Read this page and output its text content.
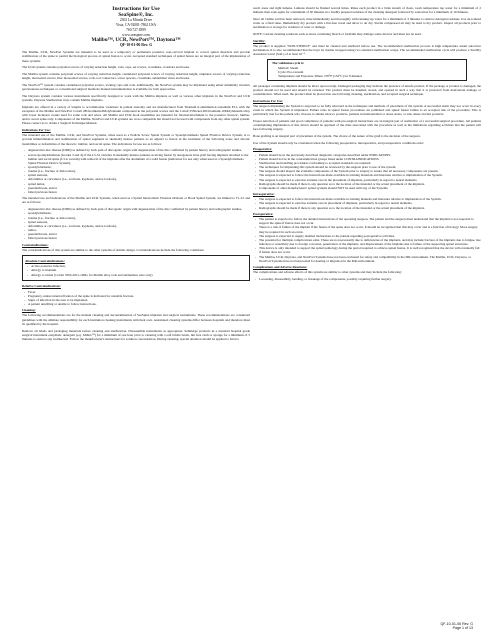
Instructions for Use
SeaSpine®, Inc.
2302 La Mirada Drive
Vista, CA 92081-7862 USA
760.727.8399
www.seaspine.com
Malibu™, UCR, NewPort™, Daytona™
QF-10-01-06 Rev. G

The Malibu, UCR, NewPort Systems are intended to be used as a temporary or permanent posterior, non-cervical implant to correct spinal disorders and provide stabilization of the spine to permit the biological process of spinal fusion to occur. Accepted standard techniques of spinal fusion are an integral part of the implantation of these systems.

The UCR system contains polyaxial screws of varying reduction height, rods, caps, set screws, crosslinks, crossbars and hooks.

The Malibu system contains polyaxial screws of varying reduction height, cannulated polyaxial screws of varying reduction height, uniplanar screws of varying reduction height, monoaxial screws, iliac monoaxial screws, rods, rod connectors, screw spacers, crosslinks, sublaminar wires and hooks.

The NewPort™ system contains cannulated polyaxial screws, locking caps and rods. Additionally, the NewPort system may be implanted using either minimally invasive percutaneous techniques or conventional surgical methods; manual instrumentation is available for both approaches.

The Daytona system contains various instruments specifically designed to work with the Malibu implants as well as various other implants in the NewPort and UCR systems. Daytona Sterilization trays contain Malibu implants.

Implants are offered in a variety of lengths to accommodate variations in patient anatomy and are manufactured from Titanium 6-aluminum-4-vanadium ELI, with the exception of the Malibu and NewPort Cobalt 28Chromium-6Molybdenum component in the polyaxial screws and the Cobalt 35Nickel-20Chromium-10Molybdenum alloy with lower inclusion counts used for some rods and wires. All Malibu and UCR hook assemblies are intended for fixation/attachment to the posterior thoracic, lumbar, and/or sacral spine only. Components of the Malibu, NewPort and UCR systems are cross compatible but should not be used with components from any other spinal system. Please contact us to obtain a Surgical Technique Manual.

Indications For Use:

The intended use of the Malibu, UCR, and NewPort Systems, when used as a Pedicle Screw Spinal System or Spondylolisthesis Spinal Fixation Device System, is to provide immobilization and stabilization of spinal segments in skeletally mature patients as an adjunct to fusion in the treatment of the following acute and chronic instabilities or deformities of the thoracic, lumbar, and sacral spine. The indications for use are as follows:

- degenerative disc disease (DDD) as defined by back pain of discogenic origin with degeneration of the disc confirmed by patient history and radiographic studies,
- severe spondylolisthesis (Grades 3 and 4) of the L5-S1 vertebra in skeletally mature patients receiving fusion by autogenous bone graft having implants attached to the lumbar and sacral spine (L3 to sacrum) with removal of the implants after the attainment of a solid fusion (indication for use only when used as a Spondylolisthesis Spinal Fixation Device System),
- spondylolisthesis,
- trauma (i.e., fracture or dislocation),
- spinal stenosis,
- deformities or curvatures (i.e., scoliosis, kyphosis, and/or lordosis),
- spinal tumor,
- pseudarthrosis, and/or
- failed previous fusion

The intended use and indications of the Malibu and UCR Systems, when used as a Spinal Intersomatic Fixation Orthosis or Hook Spinal System, are limited to T1-L5 and are as follows:

- degenerative disc disease (DDD) as defined by back pain of discogenic origin with degeneration of the disc confirmed by patient history and radiographic studies,
- spondylolisthesis,
- trauma (i.e., fracture or dislocation),
- spinal stenosis,
- deformities or curvatures (i.e., scoliosis, kyphosis, and/or lordosis),
- tumor,
- pseudarthrosis, and/or
- failed previous fusion
Contraindications:

The contraindications of this system are similar to the other systems of similar design. Contraindications include the following conditions:

Absolute Contraindications:
- Active posterior infection,
- Allergy to titanium
- Allergy to nickel (Cobalt 35Ni-20Cr-10Mo for Malibu alloy rods and sublaminar wire only)
Relative Contraindications:
- Fever
- Pregnancy, unless internal fixation of the spine is indicated for unstable fracture.
- Signs of infection in the area to be implanted.
- A patient unwilling or unable to follow instructions.
Cleaning:

The following recommendations are for the manual cleaning and decontamination of SeaSpine implants and surgical instruments. These recommendations are considered guidelines with the ultimate responsibility for each institution cleaning instruments with their own. Automated cleaning systems differ between hospitals and therefore must be qualified by the hospital.

Remove all labels and packaging materials before cleaning and sterilization. Disassemble instruments as appropriate. Submerge products in a standard hospital grade surgical instrument enzymatic detergent (e.g. Miltex™) for a minimum of one hour prior to cleaning with a soft bristle brush, lint free cloth or sponge for a minimum of 5 minutes to remove any residue/soil. Follow the manufacturer's instructions for solution concentration. During cleaning, special attention should be applied to hard to

reach areas and tight lumens. Lumens should be flushed several times. Rinse each product in a brisk stream of clean, room temperature tap water for a minimum of 2 minutes then soak again for a minimum of 30 minutes in a freshly prepared solution of the cleaning detergent followed by sonication for a minimum of 10 minutes.

Once all visible soil has been removed, rinse immediately and thoroughly with running tap water for a minimum of 3 minutes to remove detergent residues. Use de-ionized water as a final rinse. Immediately dry product with a lint-free towel and allow to air dry. Sterile compressed air may be used to dry product. Inspect all products prior to sterilization or storage for evidence of wear or damage.

NOTE: Certain cleaning solutions such as those containing bleach or formalin may damage some devices and must not be used.

Sterility:

The product is supplied "NON-STERILE" and must be cleaned and sterilized before use. The recommended sterilization process is high temperature steam autoclave sterilization. It is also recommended that the trays be double wrapped using two standard sterilization wraps. The recommended sterilization cycle will produce a Sterility Assurance Level (SAL) of at least 10⁻⁶.

The validation cycle is:
Method: Steam
Cycle: Pre-vacuum
Temperature and Exposure Times: 270°F (132°C) for 8 minutes

All packages containing implants should be intact upon receipt. Damaged packaging may indicate the presence of unsafe product. If the package or product is damaged, the product should not be used and should be returned. The product must be handled, stored, and opened in such a way that it is protected from inadvertent damage or contamination. When used, the product must be placed into use following cleaning, sterilization, and accepted surgical technique.

Instructions For Use:

The surgeon implanting the System is expected to be fully educated in the techniques and methods of placement of the system. A successful result may not occur in every event in which the System is implanted. Failure rates in spinal fusion procedures are published and spinal fusion failure is an accepted risk of the procedure. This is particularly true for the patient who chooses to smoke tobacco products, patients in malnourished or obese states, or who abuse alcohol products.

Proper selection of patients and good compliance of patients with pre-surgical instructions are an integral part of realization of a successful surgical procedure. All patients contemplating implantation of this device should be apprised of the risks associated with the procedure as well as the limitations regarding activities that the patient will face following surgery.

Bone grafting is an integral part of placement of the system. The choice of the nature of the graft is the decision of the surgeon.

Use of the System should only be considered when the following preoperative, intraoperative, and postoperative conditions exist:

Preoperative:
- Patient should be in the previously described diagnostic categories described under INDICATIONS.
- Patient should not be in the contraindication groups listed under CONTRAINDICATIONS.
- Sterilization and handling procedures conforming to accepted standards are required.
- The techniques for implanting this system should be reviewed by the surgeon prior to use of the system.
- The surgeon should inspect the available components of the System prior to surgery to assure that all necessary components are present.
- The surgeon is expected to follow the instructions made available in training materials and literature relative to implantation of the System.
- The surgeon is expected to exercise extreme care in the placement of implants, particularly in regard to neural elements.
- Radiographs should be made if there is any question as to the location of the intended or the actual placement of the implants.
- Components of other manufacturers' spinal systems should NOT be used with any of the Systems.
Intraoperative:
- The surgeon is expected to follow the instructions made available in training manuals and literature relative to implantation of the System.
- The surgeon is expected to exercise extreme care in placement of implants, particularly in regard to neural elements.
- Radiographs should be made if there is any question as to the location of the intended or the actual placement of the implants.
Postoperative:
- The patient is expected to follow the detailed instructions of the operating surgeon. The patient and the surgeon must understand that the implant is not expected to support the spine if fusion does not occur.
- There is a risk of failure of the implant if the fusion of the spine does not occur. It should be recognized that this may occur and is a function of biology. More surgery may be required in such an event.
- The surgeon is expected to supply detailed instructions to the patient regarding postoperative activities.
- The potential for multiple complications exist. These are not necessarily due to deficiencies of the implants, and may include fracture of the implants due to fatigue, late infection or sensitivity due to foreign corrosion, penetration of the implants, and displacement of the implants due to failure of the supporting spinal structures.
- This device is only intended to support the spinal pathology during the period required to achieve spinal fusion. It is well recognized that the device will eventually fail if fusion does not occur.
- The Malibu, UCR, Daytona, and NewPort Systems have not been evaluated for safety and compatibility in the MR environment. The Malibu, UCR, Daytona, or NewPort Systems have not been tested for heating or migration in the MR environment.
Complications and Adverse Reactions:

The complications and adverse effects of this system are similar to other systems and may include the following:

- Loosening, disassembly, bending, or breakage of the components, possibly requiring further surgery.
QF-10-01-06 Rev. G
Page 1 of 13
